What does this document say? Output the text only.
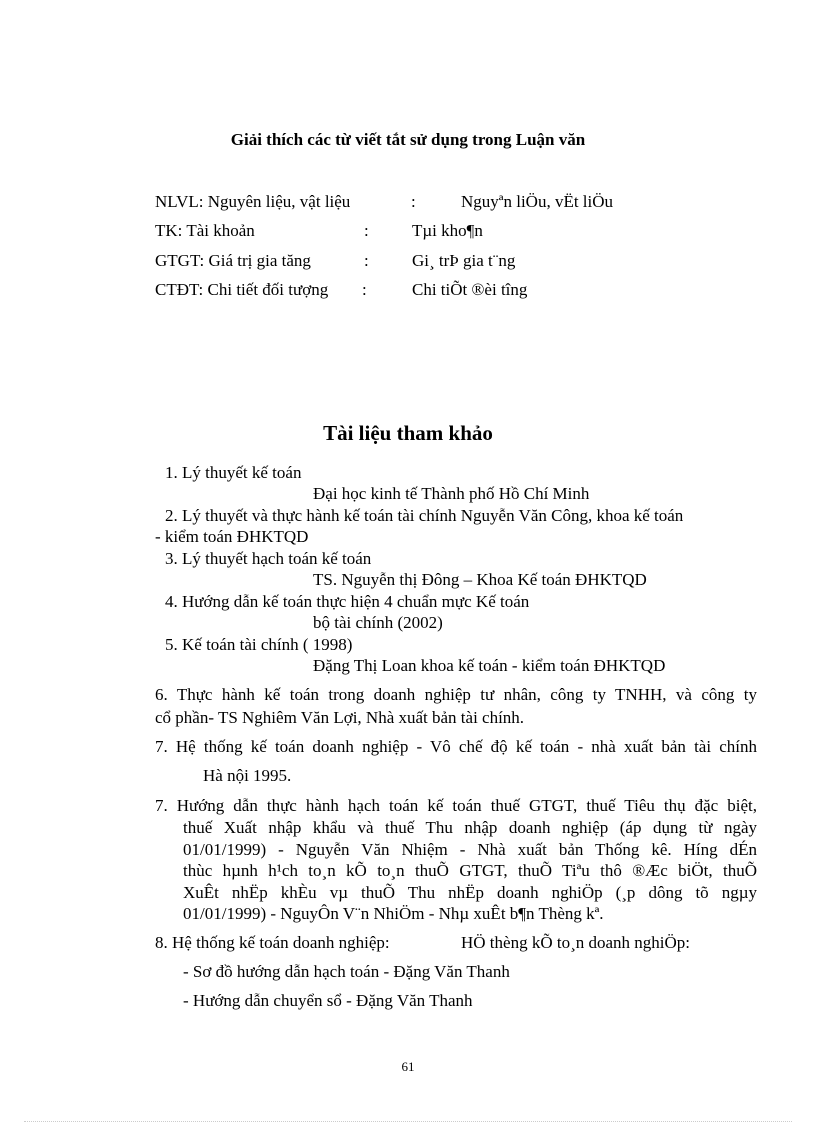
Giải thích các từ viết tắt sử dụng trong Luận văn
NLVL: Nguyên liệu, vật liệu	:	Nguyªn liÖu, vËt liÖu
TK: Tài khoản	:	Tµi kho¶n
GTGT: Giá trị gia tăng	:	Gi¸ trÞ gia t¨ng
CTĐT: Chi tiết đối tượng :	Chi tiÕt ®èi tîng
Tài liệu tham khảo
1. Lý thuyết kế toán
Đại học kinh tế Thành phố Hồ Chí Minh
2. Lý thuyết và thực hành kế toán tài chính Nguyễn Văn Công, khoa kế toán
- kiểm toán ĐHKTQD
3. Lý thuyết hạch toán kế toán
TS. Nguyễn thị Đông – Khoa Kế toán ĐHKTQD
4. Hướng dẫn kế toán thực hiện 4 chuẩn mực Kế toán
bộ tài chính (2002)
5. Kế toán tài chính ( 1998)
Đặng Thị Loan khoa kế toán - kiểm toán ĐHKTQD
6. Thực hành kế toán trong doanh nghiệp tư nhân, công ty TNHH, và công ty
cổ phần- TS Nghiêm Văn Lợi, Nhà xuất bản tài chính.
7. Hệ thống kế toán doanh nghiệp - Vô chế độ kế toán - nhà xuất bản tài chính
Hà nội 1995.
7. Hướng dẫn thực hành hạch toán kế toán thuế GTGT, thuế Tiêu thụ đặc biệt,
thuế Xuất nhập khẩu và thuế Thu nhập doanh nghiệp (áp dụng từ ngày
01/01/1999) - Nguyễn Văn Nhiệm - Nhà xuất bản Thống kê. Híng dÉn
thùc hµnh h¹ch to¸n kÕ to¸n thuÕ GTGT, thuÕ Tiªu thô ®Æc biÖt, thuÕ
XuÊt nhËp khÈu vµ thuÕ Thu nhËp doanh nghiÖp (¸p dông tõ ngµy
01/01/1999) - NguyÔn V¨n NhiÖm - Nhµ xuÊt b¶n Thèng kª.
8. Hệ thống kế toán doanh nghiệp:	HÖ thèng kÕ to¸n doanh nghiÖp:
- Sơ đồ hướng dẫn hạch toán - Đặng Văn Thanh
- Hướng dẫn chuyển sổ - Đặng Văn Thanh
61
